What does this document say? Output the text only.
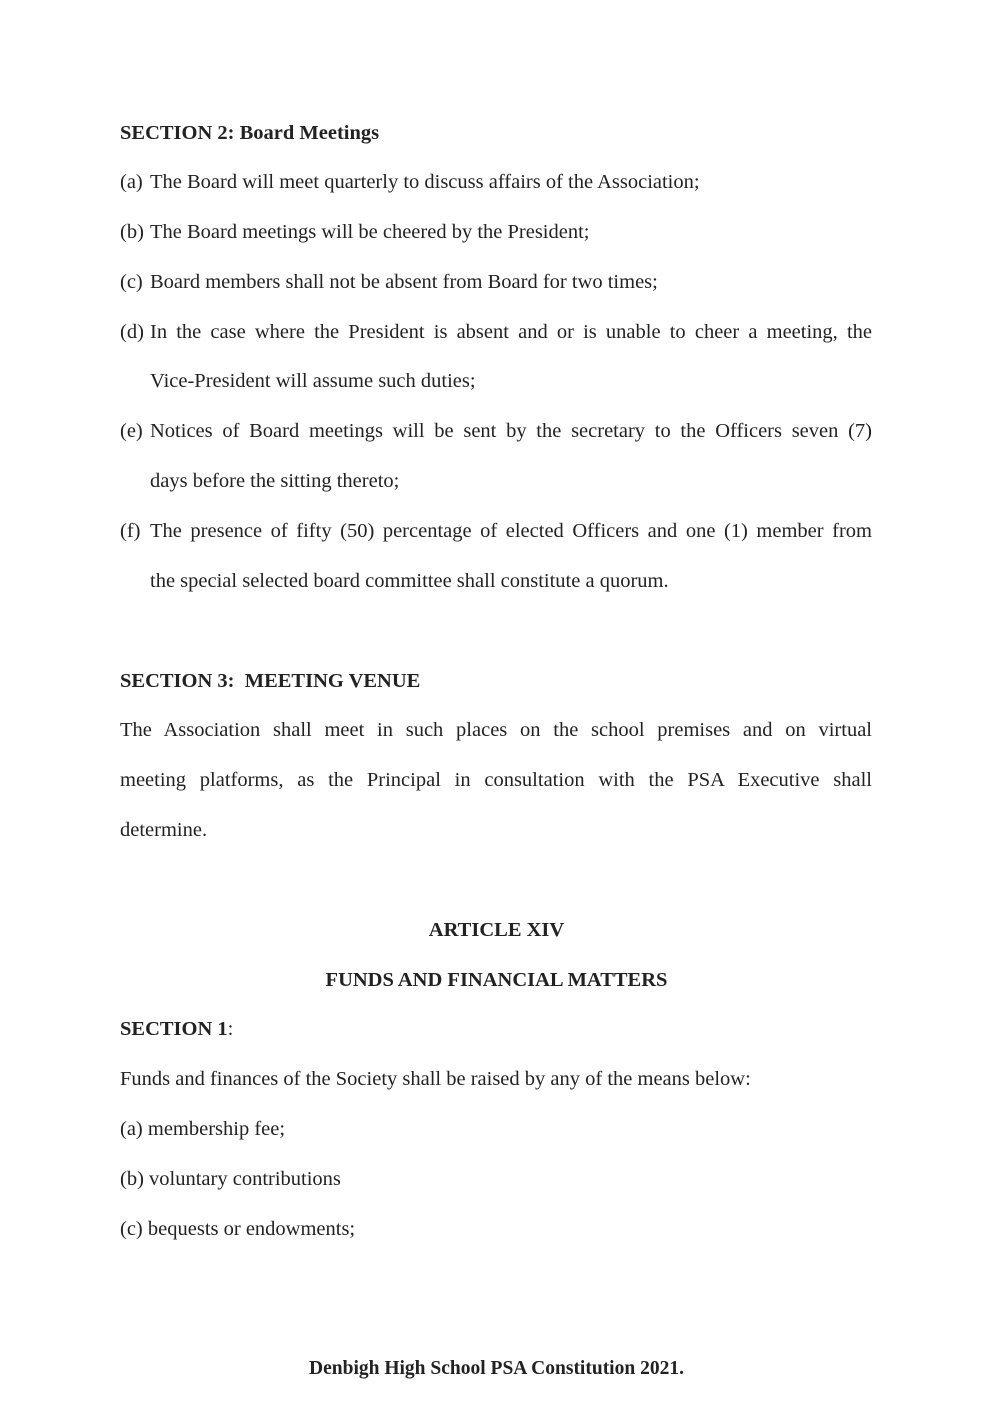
SECTION 2: Board Meetings
(a) The Board will meet quarterly to discuss affairs of the Association;
(b) The Board meetings will be cheered by the President;
(c) Board members shall not be absent from Board for two times;
(d) In the case where the President is absent and or is unable to cheer a meeting, the
Vice-President will assume such duties;
(e) Notices of Board meetings will be sent by the secretary to the Officers seven (7)
days before the sitting thereto;
(f) The presence of fifty (50) percentage of elected Officers and one (1) member from
the special selected board committee shall constitute a quorum.
SECTION 3:  MEETING VENUE
The Association shall meet in such places on the school premises and on virtual
meeting platforms, as the Principal in consultation with the PSA Executive shall
determine.
ARTICLE XIV
FUNDS AND FINANCIAL MATTERS
SECTION 1:
Funds and finances of the Society shall be raised by any of the means below:
(a) membership fee;
(b) voluntary contributions
(c) bequests or endowments;
Denbigh High School PSA Constitution 2021.
